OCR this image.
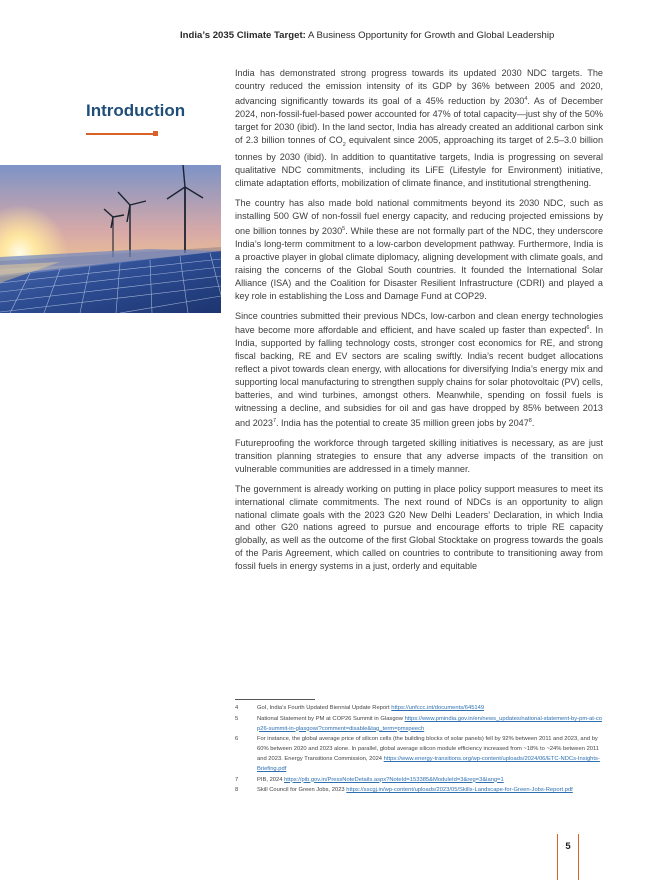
India’s 2035 Climate Target: A Business Opportunity for Growth and Global Leadership
Introduction

India has demonstrated strong progress towards its updated 2030 NDC targets. The country reduced the emission intensity of its GDP by 36% between 2005 and 2020, advancing significantly towards its goal of a 45% reduction by 2030$^4$. As of December 2024, non-fossil-fuel-based power accounted for 47% of total capacity—just shy of the 50% target for 2030 (ibid). In the land sector, India has already created an additional carbon sink of 2.3 billion tonnes of $CO_2$ equivalent since 2005, approaching its target of 2.5–3.0 billion tonnes by 2030 (ibid). In addition to quantitative targets, India is progressing on several qualitative NDC commitments, including its LiFE (Lifestyle for Environment) initiative, climate adaptation efforts, mobilization of climate finance, and institutional strengthening.

The country has also made bold national commitments beyond its 2030 NDC, such as installing 500 GW of non-fossil fuel energy capacity, and reducing projected emissions by one billion tonnes by 2030$^5$. While these are not formally part of the NDC, they underscore India’s long-term commitment to a low-carbon development pathway. Furthermore, India is a proactive player in global climate diplomacy, aligning development with climate goals, and raising the concerns of the Global South countries. It founded the International Solar Alliance (ISA) and the Coalition for Disaster Resilient Infrastructure (CDRI) and played a key role in establishing the Loss and Damage Fund at COP29.

Since countries submitted their previous NDCs, low-carbon and clean energy technologies have become more affordable and efficient, and have scaled up faster than expected$^6$. In India, supported by falling technology costs, stronger cost economics for RE, and strong fiscal backing, RE and EV sectors are scaling swiftly. India’s recent budget allocations reflect a pivot towards clean energy, with allocations for diversifying India’s energy mix and supporting local manufacturing to strengthen supply chains for solar photovoltaic (PV) cells, batteries, and wind turbines, amongst others. Meanwhile, spending on fossil fuels is witnessing a decline, and subsidies for oil and gas have dropped by 85% between 2013 and 2023$^7$. India has the potential to create 35 million green jobs by 2047$^8$.

Futureproofing the workforce through targeted skilling initiatives is necessary, as are just transition planning strategies to ensure that any adverse impacts of the transition on vulnerable communities are addressed in a timely manner.

The government is already working on putting in place policy support measures to meet its international climate commitments. The next round of NDCs is an opportunity to align national climate goals with the 2023 G20 New Delhi Leaders’ Declaration, in which India and other G20 nations agreed to pursue and encourage efforts to triple RE capacity globally, as well as the outcome of the first Global Stocktake on progress towards the goals of the Paris Agreement, which called on countries to contribute to transitioning away from fossil fuels in energy systems in a just, orderly and equitable

4	GoI, India’s Fourth Updated Biennial Update Report https://unfccc.int/documents/645149
5	National Statement by PM at COP26 Summit in Glasgow https://www.pmindia.gov.in/en/news_updates/national-statement-by-pm-at-cop26-summit-in-glasgow/?comment=disable&tag_term=pmspeech
6	For instance, the global average price of silicon cells (the building blocks of solar panels) fell by 92% between 2011 and 2023, and by 60% between 2020 and 2023 alone. In parallel, global average silicon module efficiency increased from ~18% to ~24% between 2011 and 2023. Energy Transitions Commission, 2024 https://www.energy-transitions.org/wp-content/uploads/2024/06/ETC-NDCs-Insights-Briefing.pdf
7	PIB, 2024 https://pib.gov.in/PressNoteDetails.aspx?NoteId=153385&ModuleId=3&reg=3&lang=1
8	Skill Council for Green Jobs, 2023 https://sscgj.in/wp-content/uploads/2023/05/Skills-Landscape-for-Green-Jobs-Report.pdf
5
